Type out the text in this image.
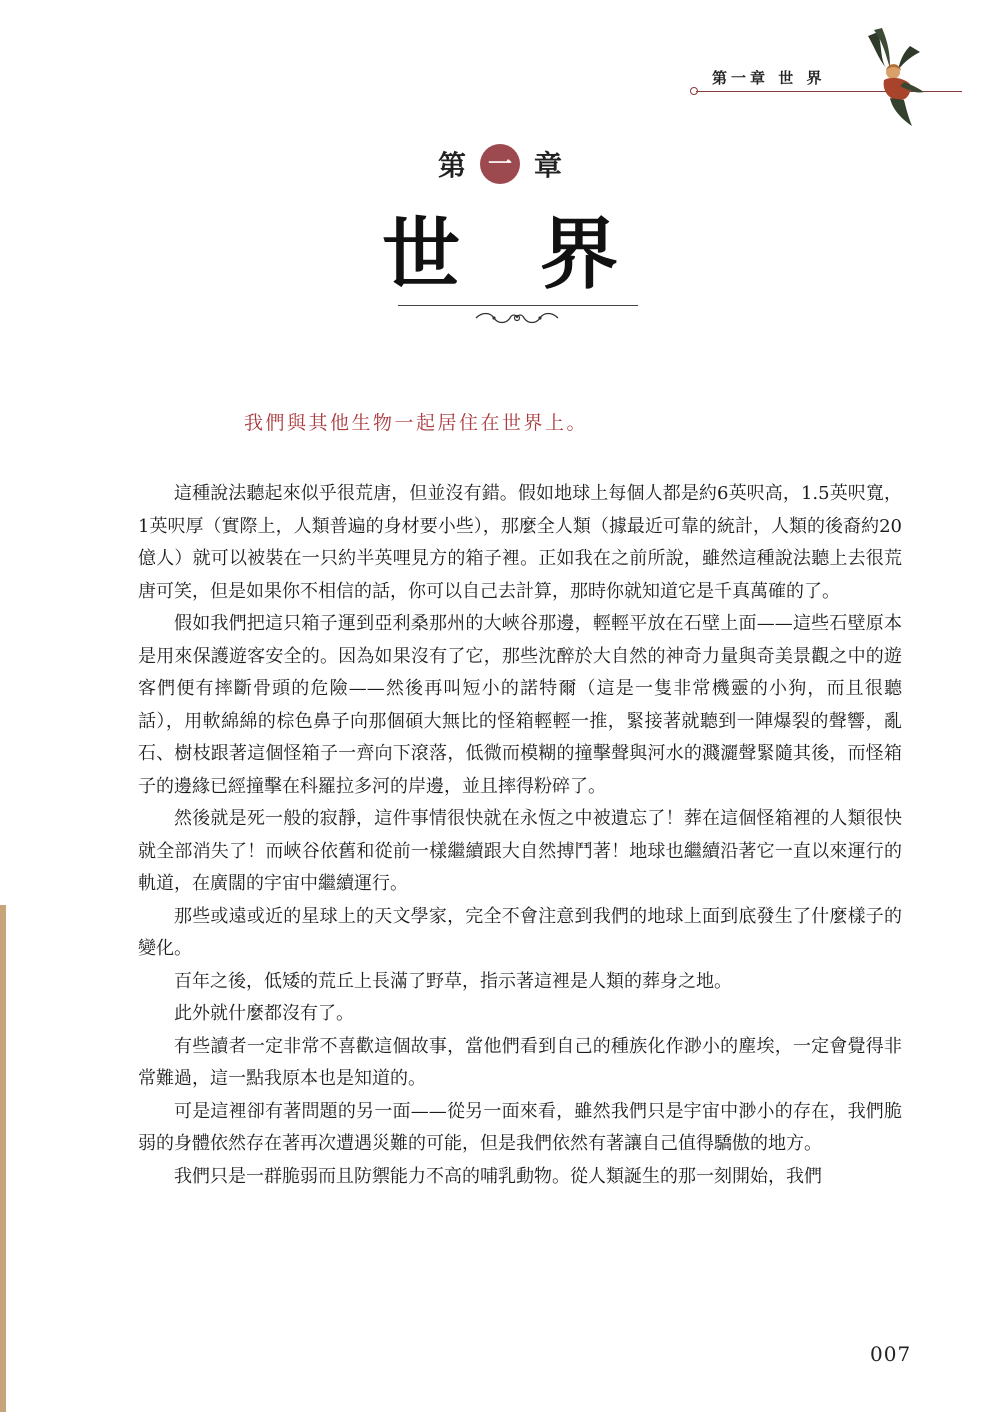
第一章 世 界
第 一 章
世界
我們與其他生物一起居住在世界上。

這種說法聽起來似乎很荒唐，但並沒有錯。假如地球上每個人都是約6英呎高，1.5英呎寬，1英呎厚（實際上，人類普遍的身材要小些），那麼全人類（據最近可靠的統計，人類的後裔約20億人）就可以被裝在一只約半英哩見方的箱子裡。正如我在之前所說，雖然這種說法聽上去很荒唐可笑，但是如果你不相信的話，你可以自己去計算，那時你就知道它是千真萬確的了。

假如我們把這只箱子運到亞利桑那州的大峽谷那邊，輕輕平放在石壁上面——這些石壁原本是用來保護遊客安全的。因為如果沒有了它，那些沈醉於大自然的神奇力量與奇美景觀之中的遊客們便有摔斷骨頭的危險——然後再叫短小的諾特爾（這是一隻非常機靈的小狗，而且很聽話），用軟綿綿的棕色鼻子向那個碩大無比的怪箱輕輕一推，緊接著就聽到一陣爆裂的聲響，亂石、樹枝跟著這個怪箱子一齊向下滾落，低微而模糊的撞擊聲與河水的濺灑聲緊隨其後，而怪箱子的邊緣已經撞擊在科羅拉多河的岸邊，並且摔得粉碎了。

然後就是死一般的寂靜，這件事情很快就在永恆之中被遺忘了！葬在這個怪箱裡的人類很快就全部消失了！而峽谷依舊和從前一樣繼續跟大自然搏鬥著！地球也繼續沿著它一直以來運行的軌道，在廣闊的宇宙中繼續運行。

那些或遠或近的星球上的天文學家，完全不會注意到我們的地球上面到底發生了什麼樣子的變化。

百年之後，低矮的荒丘上長滿了野草，指示著這裡是人類的葬身之地。

此外就什麼都沒有了。

有些讀者一定非常不喜歡這個故事，當他們看到自己的種族化作渺小的塵埃，一定會覺得非常難過，這一點我原本也是知道的。

可是這裡卻有著問題的另一面——從另一面來看，雖然我們只是宇宙中渺小的存在，我們脆弱的身體依然存在著再次遭遇災難的可能，但是我們依然有著讓自己值得驕傲的地方。

我們只是一群脆弱而且防禦能力不高的哺乳動物。從人類誕生的那一刻開始，我們

007
